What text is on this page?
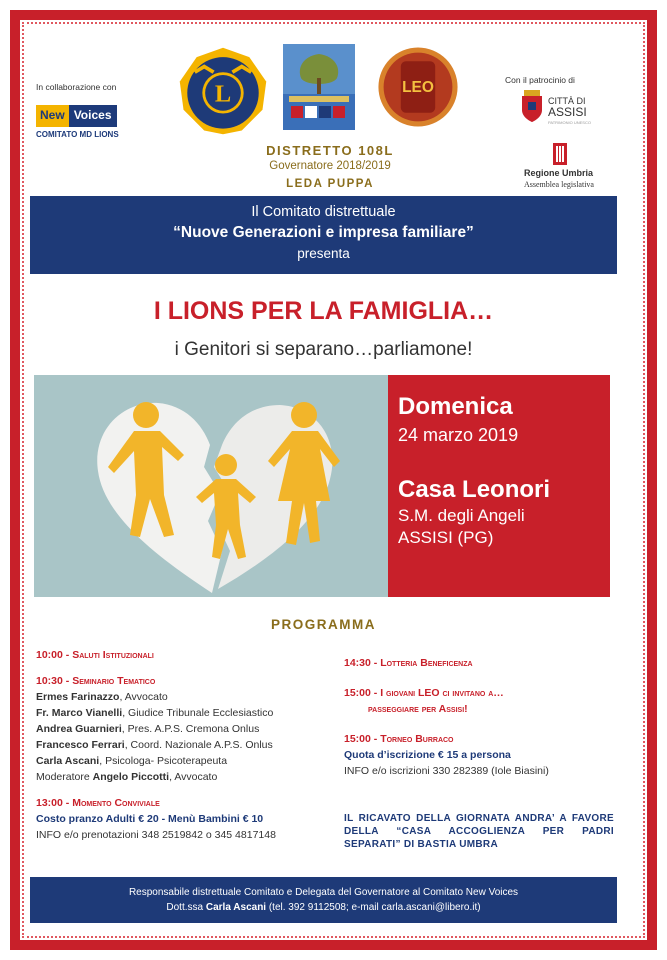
In collaborazione con
New Voices
COMITATO MD LIONS
L	LEO
DISTRETTO 108L
Governatore 2018/2019
LEDA PUPPA
Con il patrocinio di
CITTÀ DI
ASSISI
PATRIMONIO UNESCO
Regione Umbria
Assemblea legislativa
Il Comitato distrettuale
“Nuove Generazioni e impresa familiare”
presenta
I LIONS PER LA FAMIGLIA…
i Genitori si separano…parliamone!
Domenica
24 marzo 2019
Casa Leonori
S.M. degli Angeli
ASSISI (PG)
PROGRAMMA
10:00 - Saluti Istituzionali
10:30 - Seminario Tematico
Ermes Farinazzo, Avvocato
Fr. Marco Vianelli, Giudice Tribunale Ecclesiastico
Andrea Guarnieri, Pres. A.P.S. Cremona Onlus
Francesco Ferrari, Coord. Nazionale A.P.S. Onlus
Carla Ascani, Psicologa- Psicoterapeuta
Moderatore Angelo Piccotti, Avvocato
13:00 - Momento Conviviale
Costo pranzo Adulti € 20 - Menù Bambini € 10
INFO e/o prenotazioni 348 2519842 o 345 4817148
14:30 - Lotteria Beneficenza
15:00 - I giovani LEO ci invitano a…
passeggiare per Assisi!
15:00 - Torneo Burraco
Quota d’iscrizione € 15 a persona
INFO e/o iscrizioni 330 282389 (Iole Biasini)
IL RICAVATO DELLA GIORNATA ANDRA’ A FAVORE DELLA “CASA ACCOGLIENZA PER PADRI SEPARATI” DI BASTIA UMBRA
Responsabile distrettuale Comitato e Delegata del Governatore al Comitato New Voices
Dott.ssa Carla Ascani (tel. 392 9112508; e-mail carla.ascani@libero.it)
